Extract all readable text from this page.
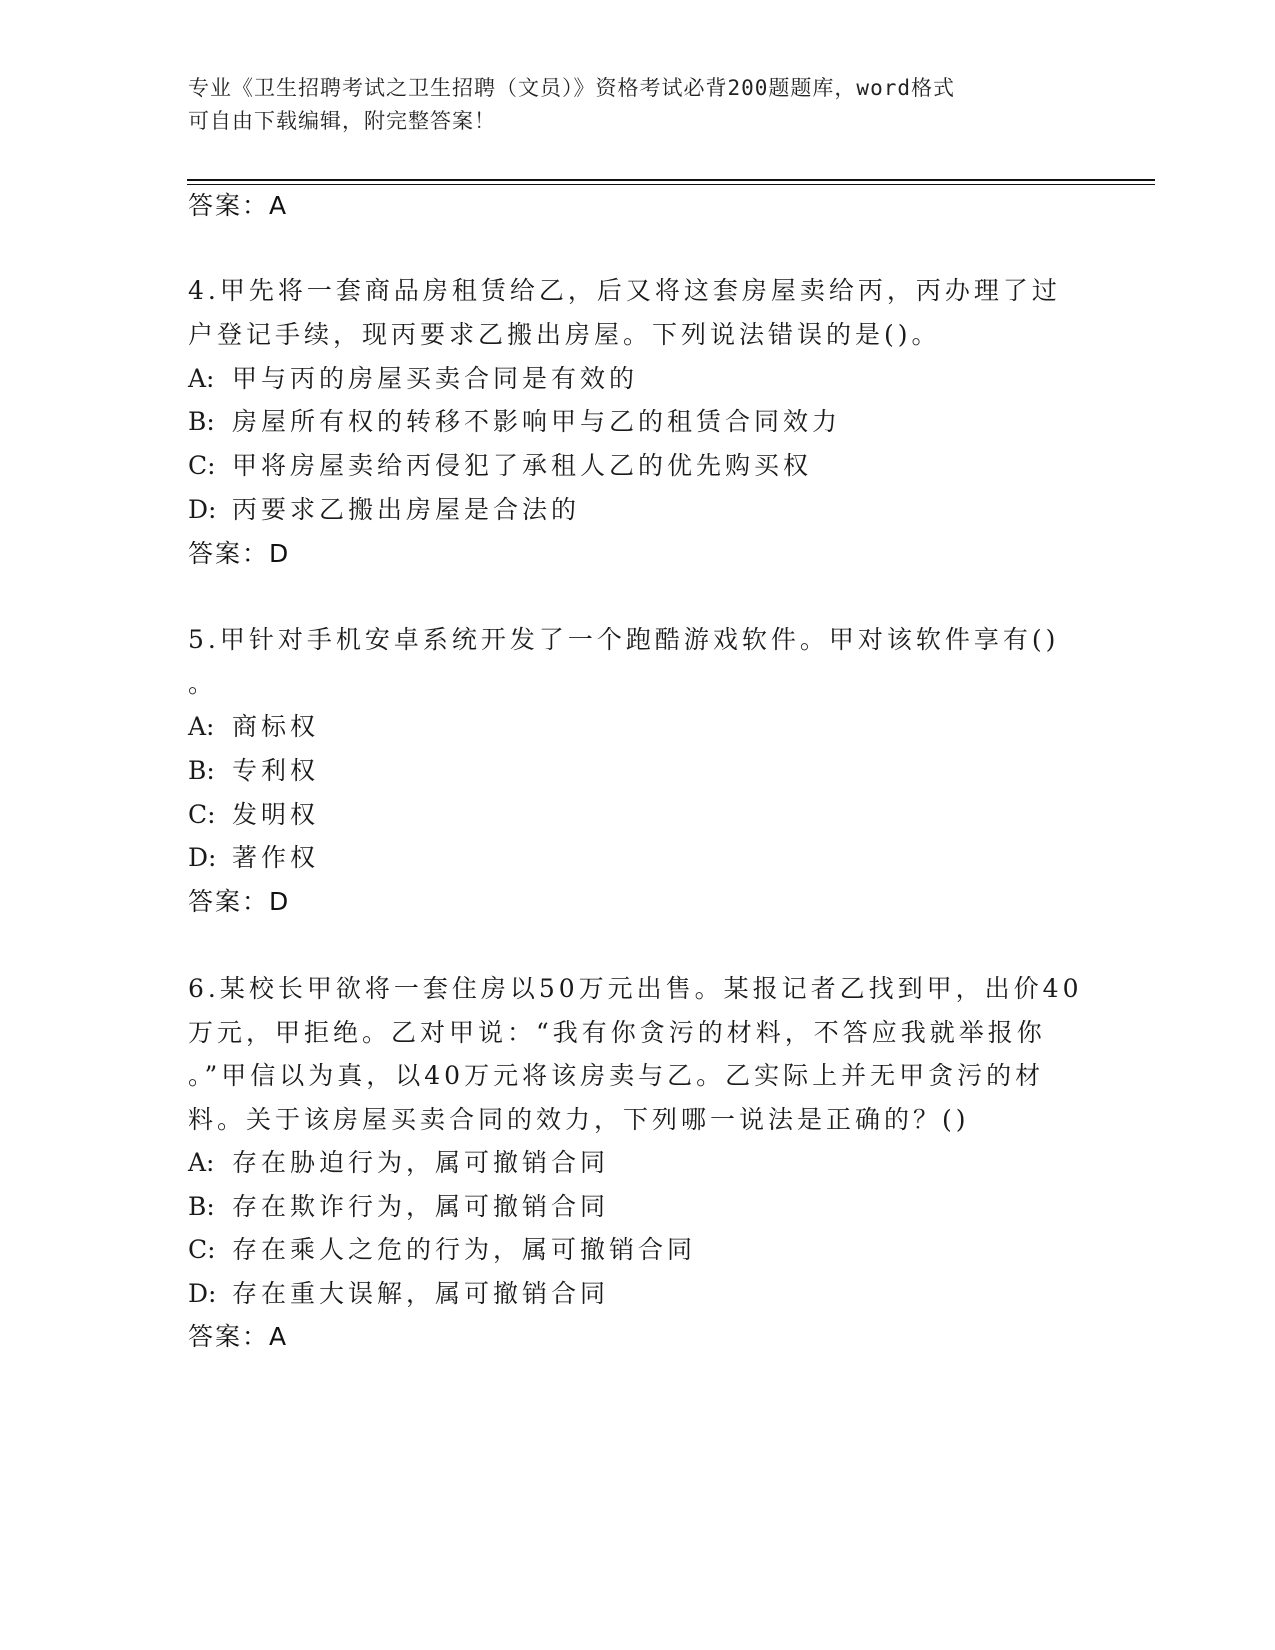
专业《卫生招聘考试之卫生招聘（文员）》资格考试必背200题题库，word格式
可自由下载编辑，附完整答案！
答案：A
4.甲先将一套商品房租赁给乙，后又将这套房屋卖给丙，丙办理了过
户登记手续，现丙要求乙搬出房屋。下列说法错误的是()。
A: 甲与丙的房屋买卖合同是有效的
B: 房屋所有权的转移不影响甲与乙的租赁合同效力
C: 甲将房屋卖给丙侵犯了承租人乙的优先购买权
D: 丙要求乙搬出房屋是合法的
答案：D
5.甲针对手机安卓系统开发了一个跑酷游戏软件。甲对该软件享有()
。
A: 商标权
B: 专利权
C: 发明权
D: 著作权
答案：D
6.某校长甲欲将一套住房以50万元出售。某报记者乙找到甲，出价40
万元，甲拒绝。乙对甲说：“我有你贪污的材料，不答应我就举报你
。”甲信以为真，以40万元将该房卖与乙。乙实际上并无甲贪污的材
料。关于该房屋买卖合同的效力，下列哪一说法是正确的？()
A: 存在胁迫行为，属可撤销合同
B: 存在欺诈行为，属可撤销合同
C: 存在乘人之危的行为，属可撤销合同
D: 存在重大误解，属可撤销合同
答案：A
